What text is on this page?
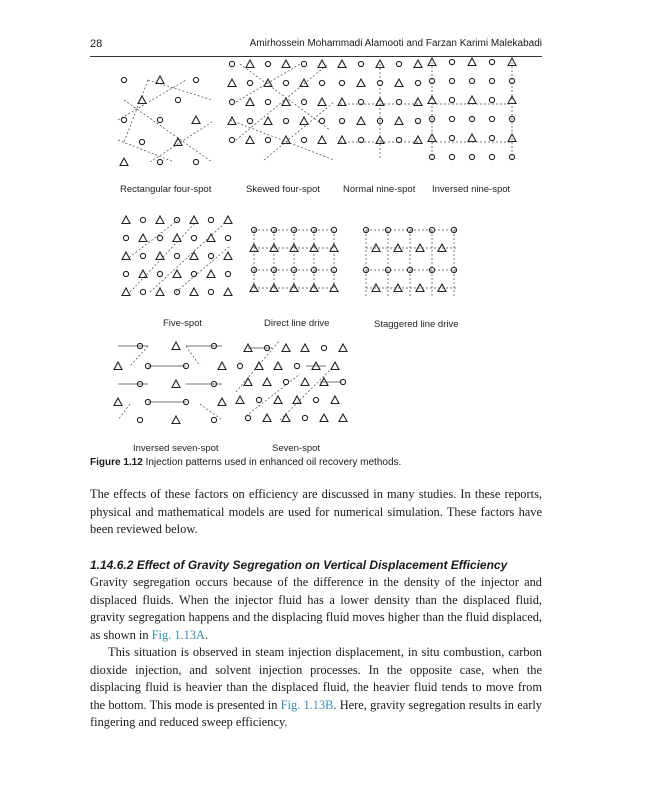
28	Amirhossein Mohammadi Alamooti and Farzan Karimi Malekabadi
Rectangular four-spot	Skewed four-spot Normal nine-spot Inversed nine-spot
Five-spot	Direct line drive	Staggered line drive
Inversed seven-spot	Seven-spot
Figure 1.12 Injection patterns used in enhanced oil recovery methods.

The effects of these factors on efficiency are discussed in many studies. In these reports, physical and mathematical models are used for numerical simulation. These factors have been reviewed below.

1.14.6.2 Effect of Gravity Segregation on Vertical Displacement Efficiency

Gravity segregation occurs because of the difference in the density of the injector and displaced fluids. When the injector fluid has a lower density than the displaced fluid, gravity segregation happens and the displacing fluid moves higher than the fluid displaced, as shown in Fig. 1.13A.

This situation is observed in steam injection displacement, in situ combustion, carbon dioxide injection, and solvent injection processes. In the opposite case, when the displacing fluid is heavier than the displaced fluid, the heavier fluid tends to move from the bottom. This mode is presented in Fig. 1.13B. Here, gravity segregation results in early fingering and reduced sweep efficiency.
